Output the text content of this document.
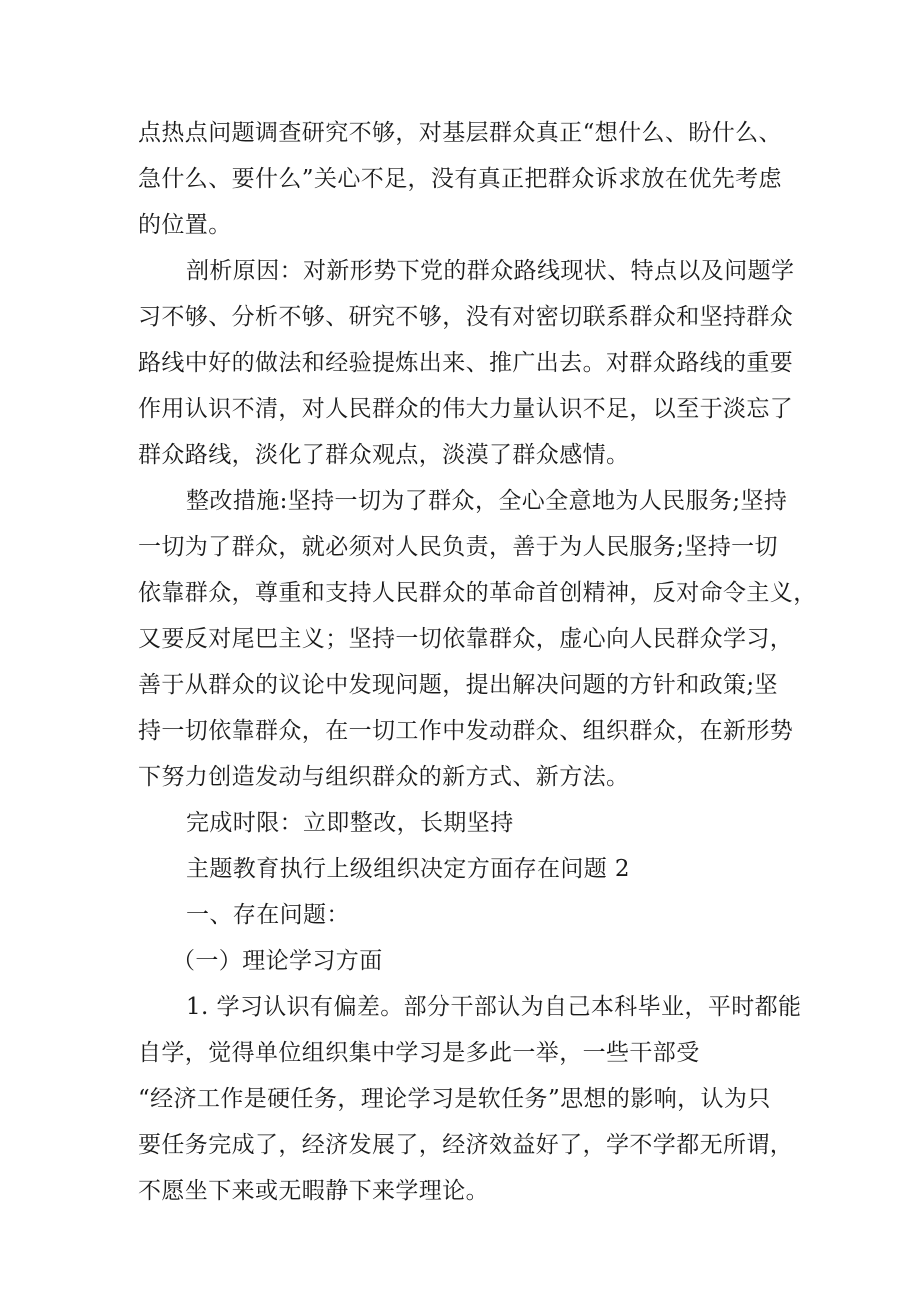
点热点问题调查研究不够，对基层群众真正“想什么、盼什么、
急什么、要什么”关心不足，没有真正把群众诉求放在优先考虑
的位置。
剖析原因：对新形势下党的群众路线现状、特点以及问题学
习不够、分析不够、研究不够，没有对密切联系群众和坚持群众
路线中好的做法和经验提炼出来、推广出去。对群众路线的重要
作用认识不清，对人民群众的伟大力量认识不足，以至于淡忘了
群众路线，淡化了群众观点，淡漠了群众感情。
整改措施:坚持一切为了群众，全心全意地为人民服务;坚持
一切为了群众，就必须对人民负责，善于为人民服务;坚持一切
依靠群众，尊重和支持人民群众的革命首创精神，反对命令主义，
又要反对尾巴主义；坚持一切依靠群众，虚心向人民群众学习，
善于从群众的议论中发现问题，提出解决问题的方针和政策;坚
持一切依靠群众，在一切工作中发动群众、组织群众，在新形势
下努力创造发动与组织群众的新方式、新方法。
完成时限：立即整改，长期坚持
主题教育执行上级组织决定方面存在问题 2
一、存在问题：
（一）理论学习方面
1. 学习认识有偏差。部分干部认为自己本科毕业，平时都能
自学，觉得单位组织集中学习是多此一举，一些干部受
“经济工作是硬任务，理论学习是软任务”思想的影响，认为只
要任务完成了，经济发展了，经济效益好了，学不学都无所谓，
不愿坐下来或无暇静下来学理论。
